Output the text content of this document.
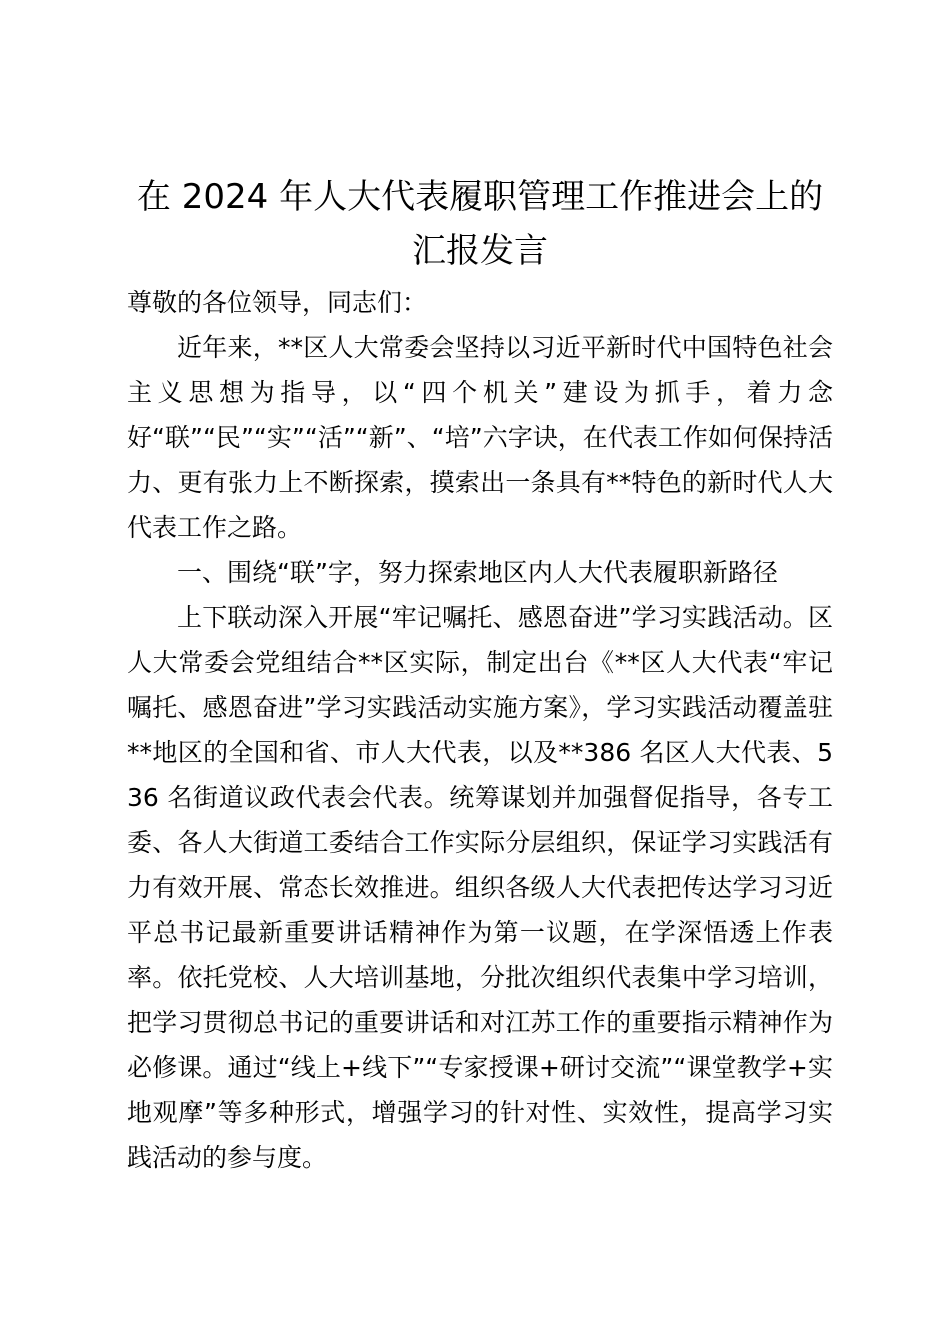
在 2024 年人大代表履职管理工作推进会上的
汇报发言

尊敬的各位领导，同志们：

近年来，**区人大常委会坚持以习近平新时代中国特色社会主义思想为指导，以“四个机关”建设为抓手，着力念好“联”“民”“实”“活”“新”、“培”六字诀，在代表工作如何保持活力、更有张力上不断探索，摸索出一条具有**特色的新时代人大代表工作之路。

一、围绕“联”字，努力探索地区内人大代表履职新路径

上下联动深入开展“牢记嘱托、感恩奋进”学习实践活动。区人大常委会党组结合**区实际，制定出台《**区人大代表“牢记嘱托、感恩奋进”学习实践活动实施方案》，学习实践活动覆盖驻**地区的全国和省、市人大代表，以及**386 名区人大代表、536 名街道议政代表会代表。统筹谋划并加强督促指导，各专工委、各人大街道工委结合工作实际分层组织，保证学习实践活有力有效开展、常态长效推进。组织各级人大代表把传达学习习近平总书记最新重要讲话精神作为第一议题，在学深悟透上作表率。依托党校、人大培训基地，分批次组织代表集中学习培训，把学习贯彻总书记的重要讲话和对江苏工作的重要指示精神作为必修课。通过“线上+线下”“专家授课+研讨交流”“课堂教学+实地观摩”等多种形式，增强学习的针对性、实效性，提高学习实践活动的参与度。
